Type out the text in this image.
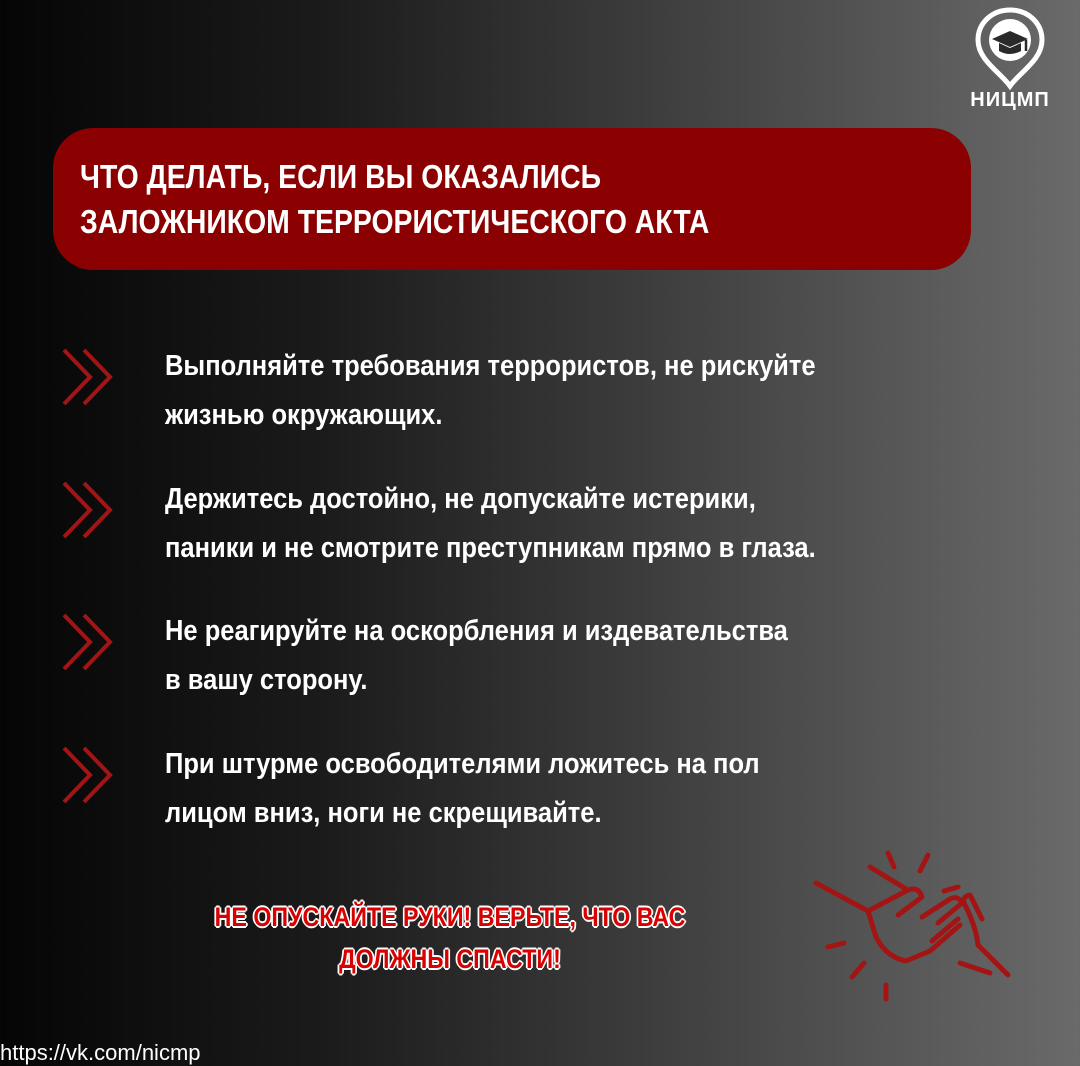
НИЦМП
ЧТО ДЕЛАТЬ, ЕСЛИ ВЫ ОКАЗАЛИСЬ
ЗАЛОЖНИКОМ ТЕРРОРИСТИЧЕСКОГО АКТА
Выполняйте требования террористов, не рискуйте
жизнью окружающих.
Держитесь достойно, не допускайте истерики,
паники и не смотрите преступникам прямо в глаза.
Не реагируйте на оскорбления и издевательства
в вашу сторону.
При штурме освободителями ложитесь на пол
лицом вниз, ноги не скрещивайте.
НЕ ОПУСКАЙТЕ РУКИ! ВЕРЬТЕ, ЧТО ВАС
ДОЛЖНЫ СПАСТИ!
https://vk.com/nicmp
